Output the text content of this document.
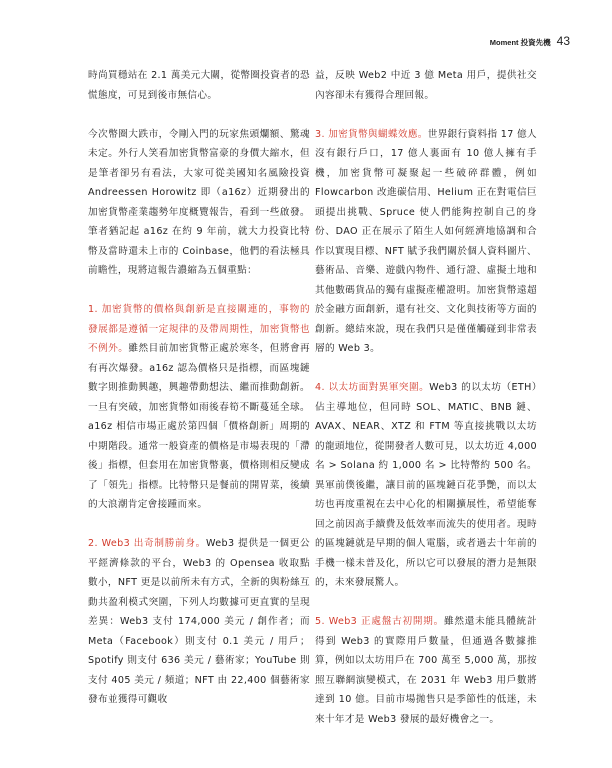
Moment 投資先機 43

時尚買穩站在 2.1 萬美元大關，從幣圈投資者的恐慌態度，可見到後市無信心。

今次幣圈大跌市，令剛入門的玩家焦頭爛額、驚魂未定。外行人笑看加密貨幣富豪的身價大縮水，但是筆者卻另有看法，大家可從美國知名風險投資 Andreessen Horowitz 即（a16z）近期發出的加密貨幣產業趨勢年度概覽報告，看到一些啟發。筆者猶記起 a16z 在約 9 年前，就大力投資比特幣及當時還未上市的 Coinbase，他們的看法極具前瞻性，現將這報告濃縮為五個重點：

1. 加密貨幣的價格與創新是直接關連的，事物的發展都是遵循一定規律的及帶周期性，加密貨幣也不例外。雖然目前加密貨幣正處於寒冬，但將會再有再次爆發。a16z 認為價格只是指標，而區塊鏈數字則推動興趣，興趣帶動想法、繼而推動創新。一旦有突破，加密貨幣如雨後春筍不斷蔓延全球。a16z 相信市場正處於第四個「價格創新」周期的中期階段。通常一般資產的價格是市場表現的「滯後」指標，但套用在加密貨幣裏，價格則相反變成了「領先」指標。比特幣只是餐前的開胃菜，後續的大浪潮肯定會接踵而來。

2. Web3 出奇制勝前身。Web3 提供是一個更公平經濟條款的平台，Web3 的 Opensea 收取點數小，NFT 更是以前所未有方式，全新的與粉絲互動共盈利模式突圍，下列人均數據可更直實的呈現差異：Web3 支付 174,000 美元 / 創作者；而 Meta（Facebook）則支付 0.1 美元 / 用戶；Spotify 則支付 636 美元 / 藝術家；YouTube 則支付 405 美元 / 頻道；NFT 由 22,400 個藝術家發布並獲得可觀收

益，反映 Web2 中近 3 億 Meta 用戶，提供社交內容卻未有獲得合理回報。

3. 加密貨幣與蝴蝶效應。世界銀行資料指 17 億人沒有銀行戶口，17 億人裏面有 10 億人擁有手機，加密貨幣可凝聚起一些破碎群體，例如 Flowcarbon 改進碳信用、Helium 正在對電信巨頭提出挑戰、Spruce 使人們能夠控制自己的身份、DAO 正在展示了陌生人如何經濟地協調和合作以實現目標、NFT 賦予我們關於個人資料圖片、藝術品、音樂、遊戲內物件、通行證、虛擬土地和其他數碼貨品的獨有虛擬產權證明。加密貨幣遠超於金融方面創新，還有社交、文化與技術等方面的創新。總結來說，現在我們只是僅僅觸碰到非常表層的 Web 3。

4. 以太坊面對異軍突圍。Web3 的以太坊（ETH）佔主導地位，但同時 SOL、MATIC、BNB 鏈、AVAX、NEAR、XTZ 和 FTM 等直接挑戰以太坊的龍頭地位，從開發者人數可見，以太坊近 4,000 名 > Solana 約 1,000 名 > 比特幣約 500 名。異軍前僕後繼，讓目前的區塊鏈百花爭艷，而以太坊也再度重視在去中心化的相關擴展性，希望能奪回之前因高手續費及低效率而流失的使用者。現時的區塊鏈就是早期的個人電腦，或者過去十年前的手機一樣未普及化，所以它可以發展的潛力是無限的，未來發展驚人。

5. Web3 正處盤古初開期。雖然還未能具體統計得到 Web3 的實際用戶數量，但通過各數據推算，例如以太坊用戶在 700 萬至 5,000 萬，那按照互聯網演變模式，在 2031 年 Web3 用戶數將達到 10 億。目前市場拋售只是季節性的低迷，未來十年才是 Web3 發展的最好機會之一。
